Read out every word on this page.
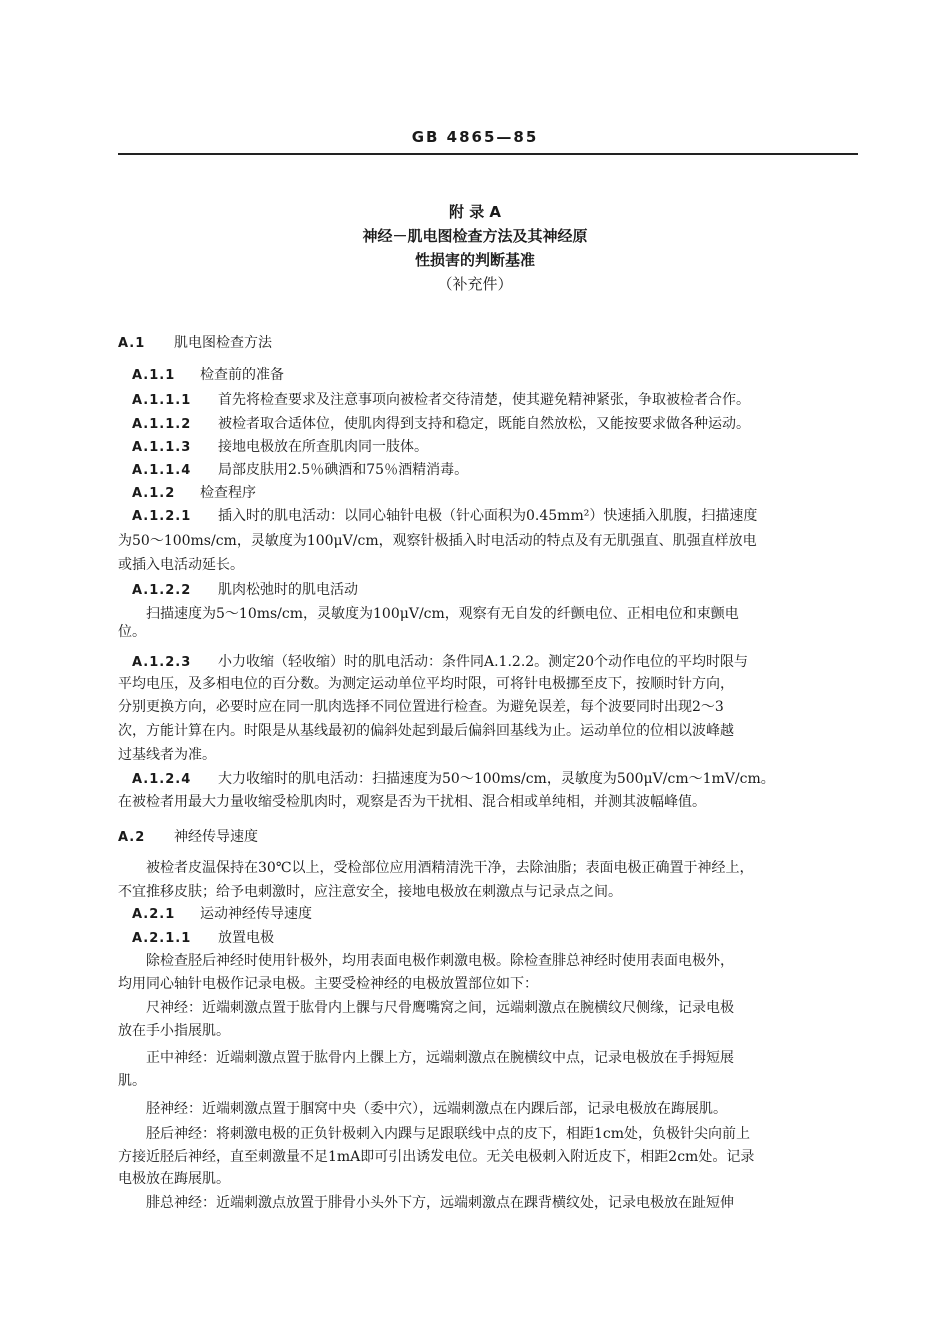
GB 4865—85
附 录 A
神经－肌电图检查方法及其神经原
性损害的判断基准
（补充件）
A.1 肌电图检查方法
A.1.1 检查前的准备
A.1.1.1 首先将检查要求及注意事项向被检者交待清楚，使其避免精神紧张，争取被检者合作。
A.1.1.2 被检者取合适体位，使肌肉得到支持和稳定，既能自然放松，又能按要求做各种运动。
A.1.1.3 接地电极放在所查肌肉同一肢体。
A.1.1.4 局部皮肤用2.5％碘酒和75％酒精消毒。
A.1.2 检查程序
A.1.2.1 插入时的肌电活动：以同心轴针电极（针心面积为0.45mm²）快速插入肌腹，扫描速度
为50～100ms/cm，灵敏度为100μV/cm，观察针极插入时电活动的特点及有无肌强直、肌强直样放电
或插入电活动延长。
A.1.2.2 肌肉松弛时的肌电活动
扫描速度为5～10ms/cm，灵敏度为100μV/cm，观察有无自发的纤颤电位、正相电位和束颤电
位。
A.1.2.3 小力收缩（轻收缩）时的肌电活动：条件同A.1.2.2。测定20个动作电位的平均时限与
平均电压，及多相电位的百分数。为测定运动单位平均时限，可将针电极挪至皮下，按顺时针方向，
分别更换方向，必要时应在同一肌肉选择不同位置进行检查。为避免误差，每个波要同时出现2～3
次，方能计算在内。时限是从基线最初的偏斜处起到最后偏斜回基线为止。运动单位的位相以波峰越
过基线者为准。
A.1.2.4 大力收缩时的肌电活动：扫描速度为50～100ms/cm，灵敏度为500μV/cm～1mV/cm。
在被检者用最大力量收缩受检肌肉时，观察是否为干扰相、混合相或单纯相，并测其波幅峰值。
A.2 神经传导速度
被检者皮温保持在30℃以上，受检部位应用酒精清洗干净，去除油脂；表面电极正确置于神经上，
不宜推移皮肤；给予电刺激时，应注意安全，接地电极放在刺激点与记录点之间。
A.2.1 运动神经传导速度
A.2.1.1 放置电极
除检查胫后神经时使用针极外，均用表面电极作刺激电极。除检查腓总神经时使用表面电极外，
均用同心轴针电极作记录电极。主要受检神经的电极放置部位如下：
尺神经：近端刺激点置于肱骨内上髁与尺骨鹰嘴窝之间，远端刺激点在腕横纹尺侧缘，记录电极
放在手小指展肌。
正中神经：近端刺激点置于肱骨内上髁上方，远端刺激点在腕横纹中点，记录电极放在手拇短展
肌。
胫神经：近端刺激点置于腘窝中央（委中穴），远端刺激点在内踝后部，记录电极放在踇展肌。
胫后神经：将刺激电极的正负针极刺入内踝与足跟联线中点的皮下，相距1cm处，负极针尖向前上
方接近胫后神经，直至刺激量不足1mA即可引出诱发电位。无关电极刺入附近皮下，相距2cm处。记录
电极放在踇展肌。
腓总神经：近端刺激点放置于腓骨小头外下方，远端刺激点在踝背横纹处，记录电极放在趾短伸
